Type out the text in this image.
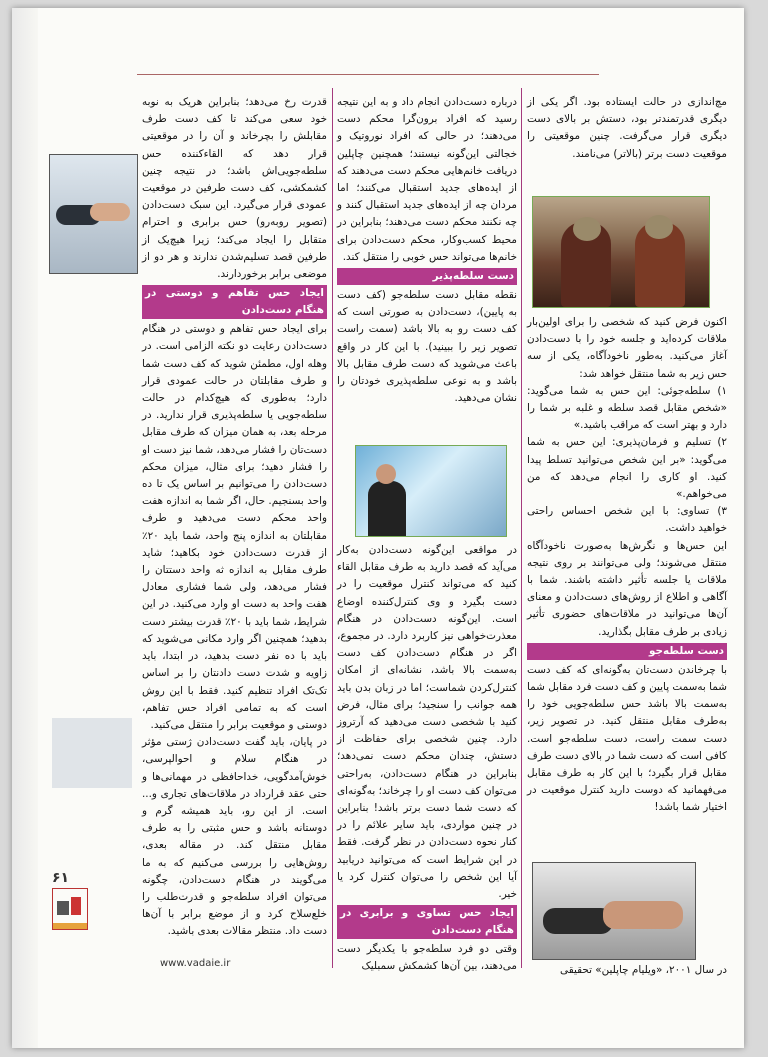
مچ‌اندازی در حالت ایستاده بود. اگر یکی از دیگری قدرتمندتر بود، دستش بر بالای دست دیگری قرار می‌گرفت. چنین موقعیتی را موقعیت دست برتر (بالاتر) می‌نامند.
اکنون فرض کنید که شخصی را برای اولین‌بار ملاقات کرده‌اید و جلسه خود را با دست‌دادن آغاز می‌کنید. به‌طور ناخودآگاه، یکی از سه حس زیر به شما منتقل خواهد شد:
۱) سلطه‌جوئی: این حس به شما می‌گوید: «شخص مقابل قصد سلطه و غلبه بر شما را دارد و بهتر است که مراقب باشید.»
۲) تسلیم و فرمان‌پذیری: این حس به شما می‌گوید: «بر این شخص می‌توانید تسلط پیدا کنید. او کاری را انجام می‌دهد که من می‌خواهم.»
۳) تساوی: با این شخص احساس راحتی خواهید داشت.
این حس‌ها و نگرش‌ها به‌صورت ناخودآگاه منتقل می‌شوند؛ ولی می‌توانند بر روی نتیجه ملاقات یا جلسه تأثیر داشته باشند. شما با آگاهی و اطلاع از روش‌های دست‌دادن و معنای آن‌ها می‌توانید در ملاقات‌های حضوری تأثیر زیادی بر طرف مقابل بگذارید.
دست سلطه‌جو
با چرخاندن دست‌تان به‌گونه‌ای که کف دست شما به‌سمت پایین و کف دست فرد مقابل شما به‌سمت بالا باشد حس سلطه‌جویی خود را به‌طرف مقابل منتقل کنید. در تصویر زیر، دست سمت راست، دست سلطه‌جو است. کافی است که دست شما در بالای دست طرف مقابل قرار بگیرد؛ با این کار به طرف مقابل می‌فهمانید که دوست دارید کنترل موقعیت در اختیار شما باشد!
در سال ۲۰۰۱، «ویلیام چاپلین» تحقیقی
درباره دست‌دادن انجام داد و به این نتیجه رسید که افراد برون‌گرا محکم دست می‌دهند؛ در حالی که افراد نوروتیک و خجالتی این‌گونه نیستند؛ همچنین چاپلین دریافت خانم‌هایی محکم دست می‌دهند که از ایده‌های جدید استقبال می‌کنند؛ اما مردان چه از ایده‌های جدید استقبال کنند و چه نکنند محکم دست می‌دهند؛ بنابراین در محیط کسب‌وکار، محکم دست‌دادن برای خانم‌ها می‌تواند حس خوبی را منتقل کند.
دست سلطه‌پذیر
نقطه مقابل دست سلطه‌جو (کف دست به پایین)، دست‌دادن به صورتی است که کف دست رو به بالا باشد (سمت راست تصویر زیر را ببینید). با این کار در واقع باعث می‌شوید که دست طرف مقابل بالا باشد و به نوعی سلطه‌پذیری خودتان را نشان می‌دهید.
در مواقعی این‌گونه دست‌دادن به‌کار می‌آید که قصد دارید به طرف مقابل القاء کنید که می‌تواند کنترل موقعیت را در دست بگیرد و وی کنترل‌کننده اوضاع است. این‌گونه دست‌دادن در هنگام معذرت‌خواهی نیز کاربرد دارد. در مجموع، اگر در هنگام دست‌دادن کف دست به‌سمت بالا باشد، نشانه‌ای از امکان کنترل‌کردن شماست؛ اما در زبان بدن باید همه جوانب را سنجید؛ برای مثال، فرض کنید با شخصی دست می‌دهید که آرتروز دارد. چنین شخصی برای حفاظت از دستش، چندان محکم دست نمی‌دهد؛ بنابراین در هنگام دست‌دادن، به‌راحتی می‌توان کف دست او را چرخاند؛ به‌گونه‌ای که دست شما دست برتر باشد! بنابراین در چنین مواردی، باید سایر علائم را در کنار نحوه دست‌دادن در نظر گرفت. فقط در این شرایط است که می‌توانید دریابید آیا این شخص را می‌توان کنترل کرد یا خیر.
ایجاد حس تساوی و برابری در هنگام دست‌دادن
وقتی دو فرد سلطه‌جو با یکدیگر دست می‌دهند، بین آن‌ها کشمکش سمبلیک
قدرت رخ می‌دهد؛ بنابراین هریک به نوبه خود سعی می‌کند تا کف دست طرف مقابلش را بچرخاند و آن را در موقعیتی قرار دهد که القاءکننده حس سلطه‌جویی‌اش باشد؛ در نتیجه چنین کشمکشی، کف دست طرفین در موقعیت عمودی قرار می‌گیرد. این سبک دست‌دادن (تصویر روبه‌رو) حس برابری و احترام متقابل را ایجاد می‌کند؛ زیرا هیچ‌یک از طرفین قصد تسلیم‌شدن ندارند و هر دو از موضعی برابر برخوردارند.
ایجاد حس تفاهم و دوستی در هنگام دست‌دادن
برای ایجاد حس تفاهم و دوستی در هنگام دست‌دادن رعایت دو نکته الزامی است. در وهله اول، مطمئن شوید که کف دست شما و طرف مقابلتان در حالت عمودی قرار دارد؛ به‌طوری که هیچ‌کدام در حالت سلطه‌جویی یا سلطه‌پذیری قرار ندارید. در مرحله بعد، به همان میزان که طرف مقابل دست‌تان را فشار می‌دهد، شما نیز دست او را فشار دهید؛ برای مثال، میزان محکم دست‌دادن را می‌توانیم بر اساس یک تا ده واحد بسنجیم. حال، اگر شما به اندازه هفت واحد محکم دست می‌دهید و طرف مقابلتان به اندازه پنج واحد، شما باید ۲۰٪ از قدرت دست‌دادن خود بکاهید؛ شاید طرف مقابل به اندازه ثه واحد دستتان را فشار می‌دهد، ولی شما فشاری معادل هفت واحد به دست او وارد می‌کنید. در این شرایط، شما باید با ۲۰٪ قدرت بیشتر دست بدهید؛ همچنین اگر وارد مکانی می‌شوید که باید با ده نفر دست بدهید، در ابتدا، باید زاویه و شدت دست دادنتان را بر اساس تک‌تک افراد تنظیم کنید. فقط با این روش است که به تمامی افراد حس تفاهم، دوستی و موقعیت برابر را منتقل می‌کنید.
در پایان، باید گفت دست‌دادن ژستی مؤثر در هنگام سلام و احوالپرسی، خوش‌آمدگویی، خداحافظی در مهمانی‌ها و حتی عقد قرارداد در ملاقات‌های تجاری و... است. از این رو، باید همیشه گرم و دوستانه باشد و حس مثبتی را به طرف مقابل منتقل کند. در مقاله بعدی، روش‌هایی را بررسی می‌کنیم که به ما می‌گویند در هنگام دست‌دادن، چگونه می‌توان افراد سلطه‌جو و قدرت‌طلب را خلع‌سلاح کرد و از موضع برابر با آن‌ها دست داد. منتظر مقالات بعدی باشید.
۶۱
www.vadaie.ir
